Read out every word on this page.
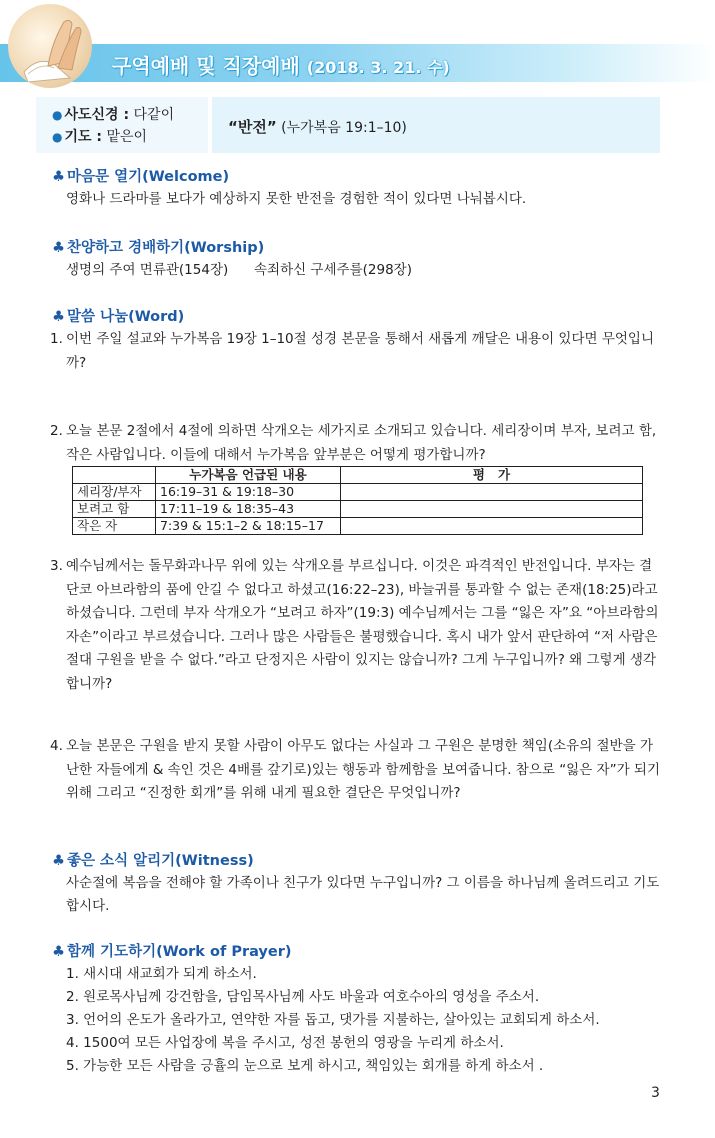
구역예배 및 직장예배 (2018. 3. 21. 수)
● 사도신경 : 다같이
● 기도 : 맡은이
“반전” (누가복음 19:1–10)
♣ 마음문 열기(Welcome)
영화나 드라마를 보다가 예상하지 못한 반전을 경험한 적이 있다면 나눠봅시다.
♣ 찬양하고 경배하기(Worship)
생명의 주여 면류관(154장)      속죄하신 구세주를(298장)
♣ 말씀 나눔(Word)
1. 이번 주일 설교와 누가복음 19장 1–10절 성경 본문을 통해서 새롭게 깨달은 내용이 있다면 무엇입니까?
2. 오늘 본문 2절에서 4절에 의하면 삭개오는 세가지로 소개되고 있습니다. 세리장이며 부자, 보려고 함, 작은 사람입니다. 이들에 대해서 누가복음 앞부분은 어떻게 평가합니까?
	누가복음 언급된 내용	평   가
세리장/부자	16:19–31 & 19:18–30	
보려고 함	17:11–19 & 18:35–43	
작은 자	7:39 & 15:1–2 & 18:15–17	
3. 예수님께서는 돌무화과나무 위에 있는 삭개오를 부르십니다. 이것은 파격적인 반전입니다. 부자는 결단코 아브라함의 품에 안길 수 없다고 하셨고(16:22–23), 바늘귀를 통과할 수 없는 존재(18:25)라고 하셨습니다. 그런데 부자 삭개오가 “보려고 하자”(19:3) 예수님께서는 그를 “잃은 자”요 “아브라함의 자손”이라고 부르셨습니다. 그러나 많은 사람들은 불평했습니다. 혹시 내가 앞서 판단하여 “저 사람은 절대 구원을 받을 수 없다.”라고 단정지은 사람이 있지는 않습니까? 그게 누구입니까? 왜 그렇게 생각합니까?
4. 오늘 본문은 구원을 받지 못할 사람이 아무도 없다는 사실과 그 구원은 분명한 책임(소유의 절반을 가난한 자들에게 & 속인 것은 4배를 갚기로)있는 행동과 함께함을 보여줍니다. 참으로 “잃은 자”가 되기 위해 그리고 “진정한 회개”를 위해 내게 필요한 결단은 무엇입니까?
♣ 좋은 소식 알리기(Witness)
사순절에 복음을 전해야 할 가족이나 친구가 있다면 누구입니까? 그 이름을 하나님께 올려드리고 기도합시다.
♣ 함께 기도하기(Work of Prayer)
1. 새시대 새교회가 되게 하소서.
2. 원로목사님께 강건함을, 담임목사님께 사도 바울과 여호수아의 영성을 주소서.
3. 언어의 온도가 올라가고, 연약한 자를 돕고, 댓가를 지불하는, 살아있는 교회되게 하소서.
4. 1500여 모든 사업장에 복을 주시고, 성전 봉헌의 영광을 누리게 하소서.
5. 가능한 모든 사람을 긍휼의 눈으로 보게 하시고, 책임있는 회개를 하게 하소서 .
3
